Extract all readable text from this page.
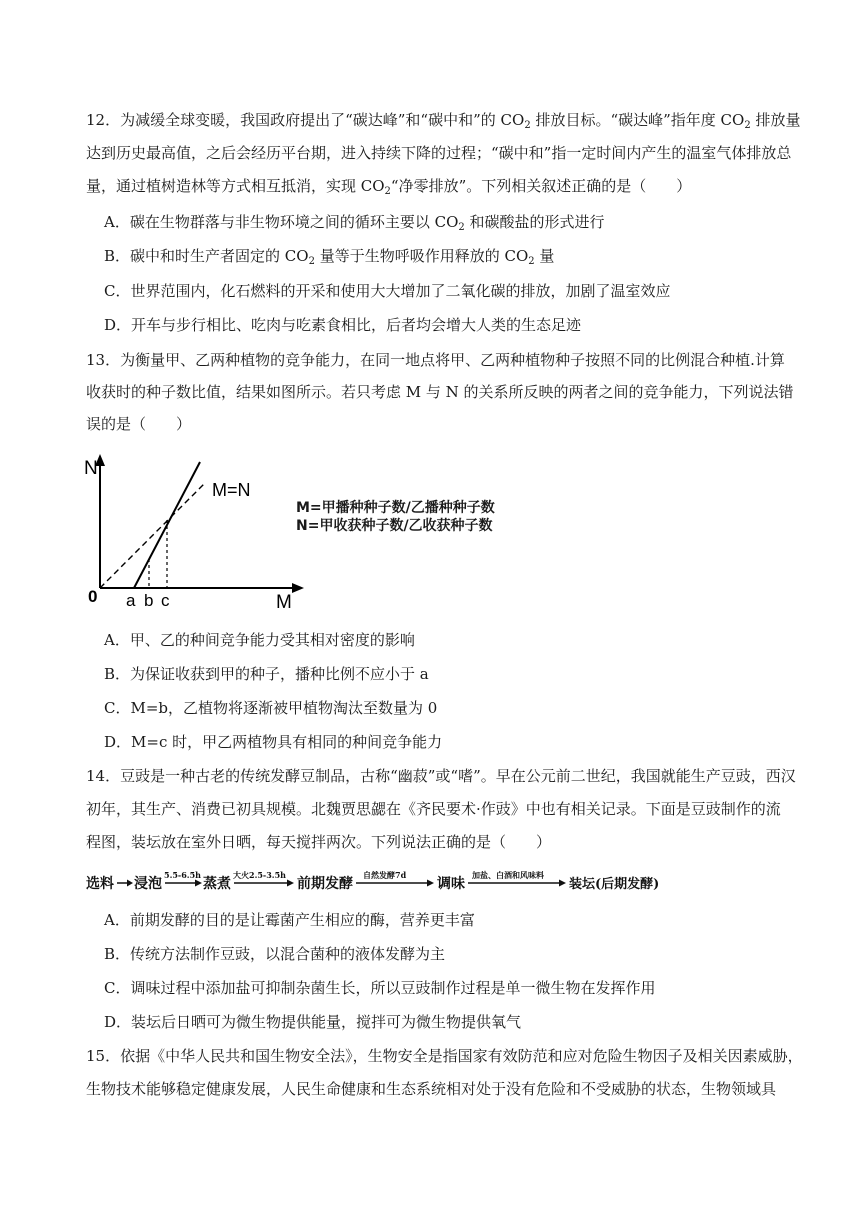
12．为减缓全球变暖，我国政府提出了“碳达峰”和“碳中和”的 $CO_2$ 排放目标。“碳达峰”指年度 $CO_2$ 排放量
达到历史最高值，之后会经历平台期，进入持续下降的过程；“碳中和”指一定时间内产生的温室气体排放总
量，通过植树造林等方式相互抵消，实现 $CO_2“$净零排放”。下列相关叙述正确的是（　　）
A．碳在生物群落与非生物环境之间的循环主要以 $CO_2$ 和碳酸盐的形式进行
B．碳中和时生产者固定的 $CO_2$ 量等于生物呼吸作用释放的 $CO_2$ 量
C．世界范围内，化石燃料的开采和使用大大增加了二氧化碳的排放，加剧了温室效应
D．开车与步行相比、吃肉与吃素食相比，后者均会增大人类的生态足迹
13．为衡量甲、乙两种植物的竞争能力，在同一地点将甲、乙两种植物种子按照不同的比例混合种植.计算
收获时的种子数比值，结果如图所示。若只考虑 M 与 N 的关系所反映的两者之间的竞争能力，下列说法错
误的是（　　）
N
0 a b c	M
M=N
M=甲播种种子数/乙播种种子数
N=甲收获种子数/乙收获种子数
A．甲、乙的种间竞争能力受其相对密度的影响
B．为保证收获到甲的种子，播种比例不应小于 a
C．M=b，乙植物将逐渐被甲植物淘汰至数量为 0
D．M=c 时，甲乙两植物具有相同的种间竞争能力
14．豆豉是一种古老的传统发酵豆制品，古称“幽菽”或“嗜”。早在公元前二世纪，我国就能生产豆豉，西汉
初年，其生产、消费已初具规模。北魏贾思勰在《齐民要术·作豉》中也有相关记录。下面是豆豉制作的流
程图，装坛放在室外日晒，每天搅拌两次。下列说法正确的是（　　）
选料 浸泡
5.5-6.5h
蒸煮
大火2.5-3.5h
前期发酵
自然发酵7d
调味
加盐、白酒和风味料
装坛(后期发酵)
A．前期发酵的目的是让霉菌产生相应的酶，营养更丰富
B．传统方法制作豆豉，以混合菌种的液体发酵为主
C．调味过程中添加盐可抑制杂菌生长，所以豆豉制作过程是单一微生物在发挥作用
D．装坛后日晒可为微生物提供能量，搅拌可为微生物提供氧气
15．依据《中华人民共和国生物安全法》，生物安全是指国家有效防范和应对危险生物因子及相关因素威胁，
生物技术能够稳定健康发展，人民生命健康和生态系统相对处于没有危险和不受威胁的状态，生物领域具
